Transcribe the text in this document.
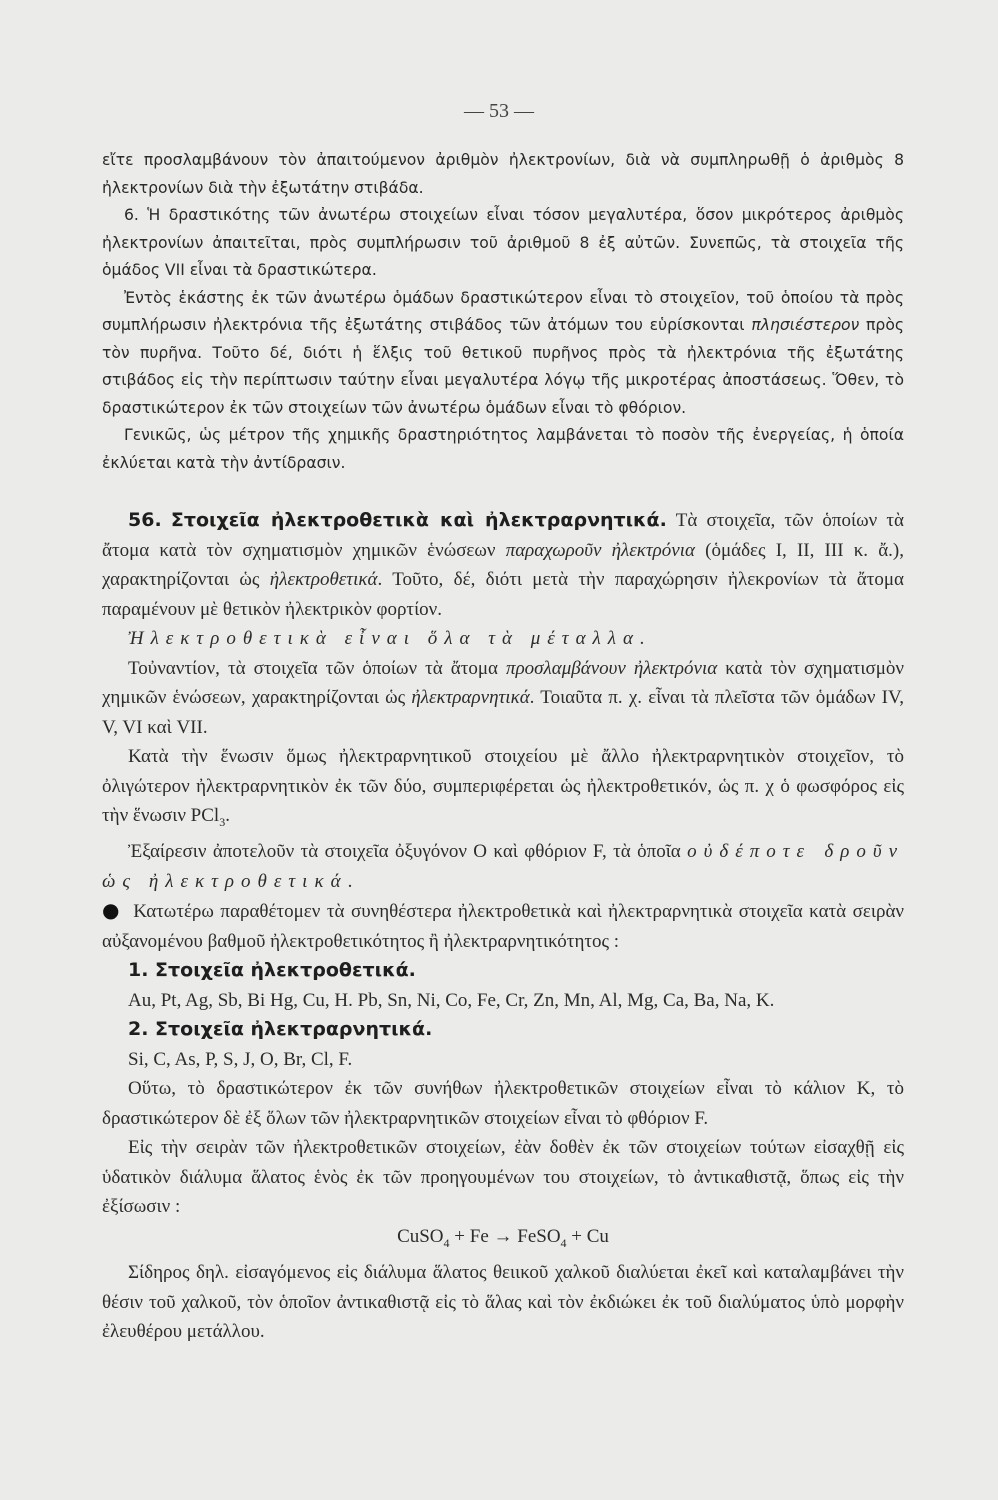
— 53 —

εἴτε προσλαμβάνουν τὸν ἀπαιτούμενον ἀριθμὸν ἠλεκτρονίων, διὰ νὰ συμπληρωθῇ ὁ ἀριθμὸς 8 ἠλεκτρονίων διὰ τὴν ἐξωτάτην στιβάδα.

6. Ἡ δραστικότης τῶν ἀνωτέρω στοιχείων εἶναι τόσον μεγαλυτέρα, ὅσον μικρότερος ἀριθμὸς ἠλεκτρονίων ἀπαιτεῖται, πρὸς συμπλήρωσιν τοῦ ἀριθμοῦ 8 ἐξ αὐτῶν. Συνεπῶς, τὰ στοιχεῖα τῆς ὁμάδος VII εἶναι τὰ δραστικώτερα.

Ἐντὸς ἑκάστης ἐκ τῶν ἀνωτέρω ὁμάδων δραστικώτερον εἶναι τὸ στοιχεῖον, τοῦ ὁποίου τὰ πρὸς συμπλήρωσιν ἠλεκτρόνια τῆς ἐξωτάτης στιβάδος τῶν ἀτόμων του εὑρίσκονται πλησιέστερον πρὸς τὸν πυρῆνα. Τοῦτο δέ, διότι ἡ ἕλξις τοῦ θετικοῦ πυρῆνος πρὸς τὰ ἠλεκτρόνια τῆς ἐξωτάτης στιβάδος εἰς τὴν περίπτωσιν ταύτην εἶναι μεγαλυτέρα λόγῳ τῆς μικροτέρας ἀποστάσεως. Ὅθεν, τὸ δραστικώτερον ἐκ τῶν στοιχείων τῶν ἀνωτέρω ὁμάδων εἶναι τὸ φθόριον.

Γενικῶς, ὡς μέτρον τῆς χημικῆς δραστηριότητος λαμβάνεται τὸ ποσὸν τῆς ἐνεργείας, ἡ ὁποία ἐκλύεται κατὰ τὴν ἀντίδρασιν.

56. Στοιχεῖα ἠλεκτροθετικὰ καὶ ἠλεκτραρνητικά. Τὰ στοιχεῖα, τῶν ὁποίων τὰ ἄτομα κατὰ τὸν σχηματισμὸν χημικῶν ἑνώσεων παραχωροῦν ἠλεκτρόνια (ὁμάδες I, II, III κ. ἄ.), χαρακτηρίζονται ὡς ἠλεκτροθετικά. Τοῦτο, δέ, διότι μετὰ τὴν παραχώρησιν ἠλεκρονίων τὰ ἄτομα παραμένουν μὲ θετικὸν ἠλεκτρικὸν φορτίον.

Ἠλεκτροθετικὰ εἶναι ὅλα τὰ μέταλλα.

Τοὐναντίον, τὰ στοιχεῖα τῶν ὁποίων τὰ ἄτομα προσλαμβάνουν ἠλεκτρόνια κατὰ τὸν σχηματισμὸν χημικῶν ἑνώσεων, χαρακτηρίζονται ὡς ἠλεκτραρνητικά. Τοιαῦτα π. χ. εἶναι τὰ πλεῖστα τῶν ὁμάδων IV, V, VI καὶ VII.

Κατὰ τὴν ἕνωσιν ὅμως ἠλεκτραρνητικοῦ στοιχείου μὲ ἄλλο ἠλεκτραρνητικὸν στοιχεῖον, τὸ ὀλιγώτερον ἠλεκτραρνητικὸν ἐκ τῶν δύο, συμπεριφέρεται ὡς ἠλεκτροθετικόν, ὡς π. χ ὁ φωσφόρος εἰς τὴν ἕνωσιν PCl$_3$.

Ἐξαίρεσιν ἀποτελοῦν τὰ στοιχεῖα ὀξυγόνον O καὶ φθόριον F, τὰ ὁποῖα οὐδέποτε δροῦν ὡς ἠλεκτροθετικά.

● Κατωτέρω παραθέτομεν τὰ συνηθέστερα ἠλεκτροθετικὰ καὶ ἠλεκτραρνητικὰ στοιχεῖα κατὰ σειρὰν αὐξανομένου βαθμοῦ ἠλεκτροθετικότητος ἢ ἠλεκτραρνητικότητος :

1. Στοιχεῖα ἠλεκτροθετικά.

Au, Pt, Ag, Sb, Bi Hg, Cu, H. Pb, Sn, Ni, Co, Fe, Cr, Zn, Mn, Al, Mg, Ca, Ba, Na, K.

2. Στοιχεῖα ἠλεκτραρνητικά.

Si, C, As, P, S, J, O, Br, Cl, F.

Οὕτω, τὸ δραστικώτερον ἐκ τῶν συνήθων ἠλεκτροθετικῶν στοιχείων εἶναι τὸ κάλιον K, τὸ δραστικώτερον δὲ ἐξ ὅλων τῶν ἠλεκτραρνητικῶν στοιχείων εἶναι τὸ φθόριον F.

Εἰς τὴν σειρὰν τῶν ἠλεκτροθετικῶν στοιχείων, ἐὰν δοθὲν ἐκ τῶν στοιχείων τούτων εἰσαχθῇ εἰς ὑδατικὸν διάλυμα ἅλατος ἑνὸς ἐκ τῶν προηγουμένων του στοιχείων, τὸ ἀντικαθιστᾷ, ὅπως εἰς τὴν ἐξίσωσιν :

CuSO$_4$ + Fe → FeSO$_4$ + Cu

Σίδηρος δηλ. εἰσαγόμενος εἰς διάλυμα ἅλατος θειικοῦ χαλκοῦ διαλύεται ἐκεῖ καὶ καταλαμβάνει τὴν θέσιν τοῦ χαλκοῦ, τὸν ὁποῖον ἀντικαθιστᾷ εἰς τὸ ἅλας καὶ τὸν ἐκδιώκει ἐκ τοῦ διαλύματος ὑπὸ μορφὴν ἐλευθέρου μετάλλου.
